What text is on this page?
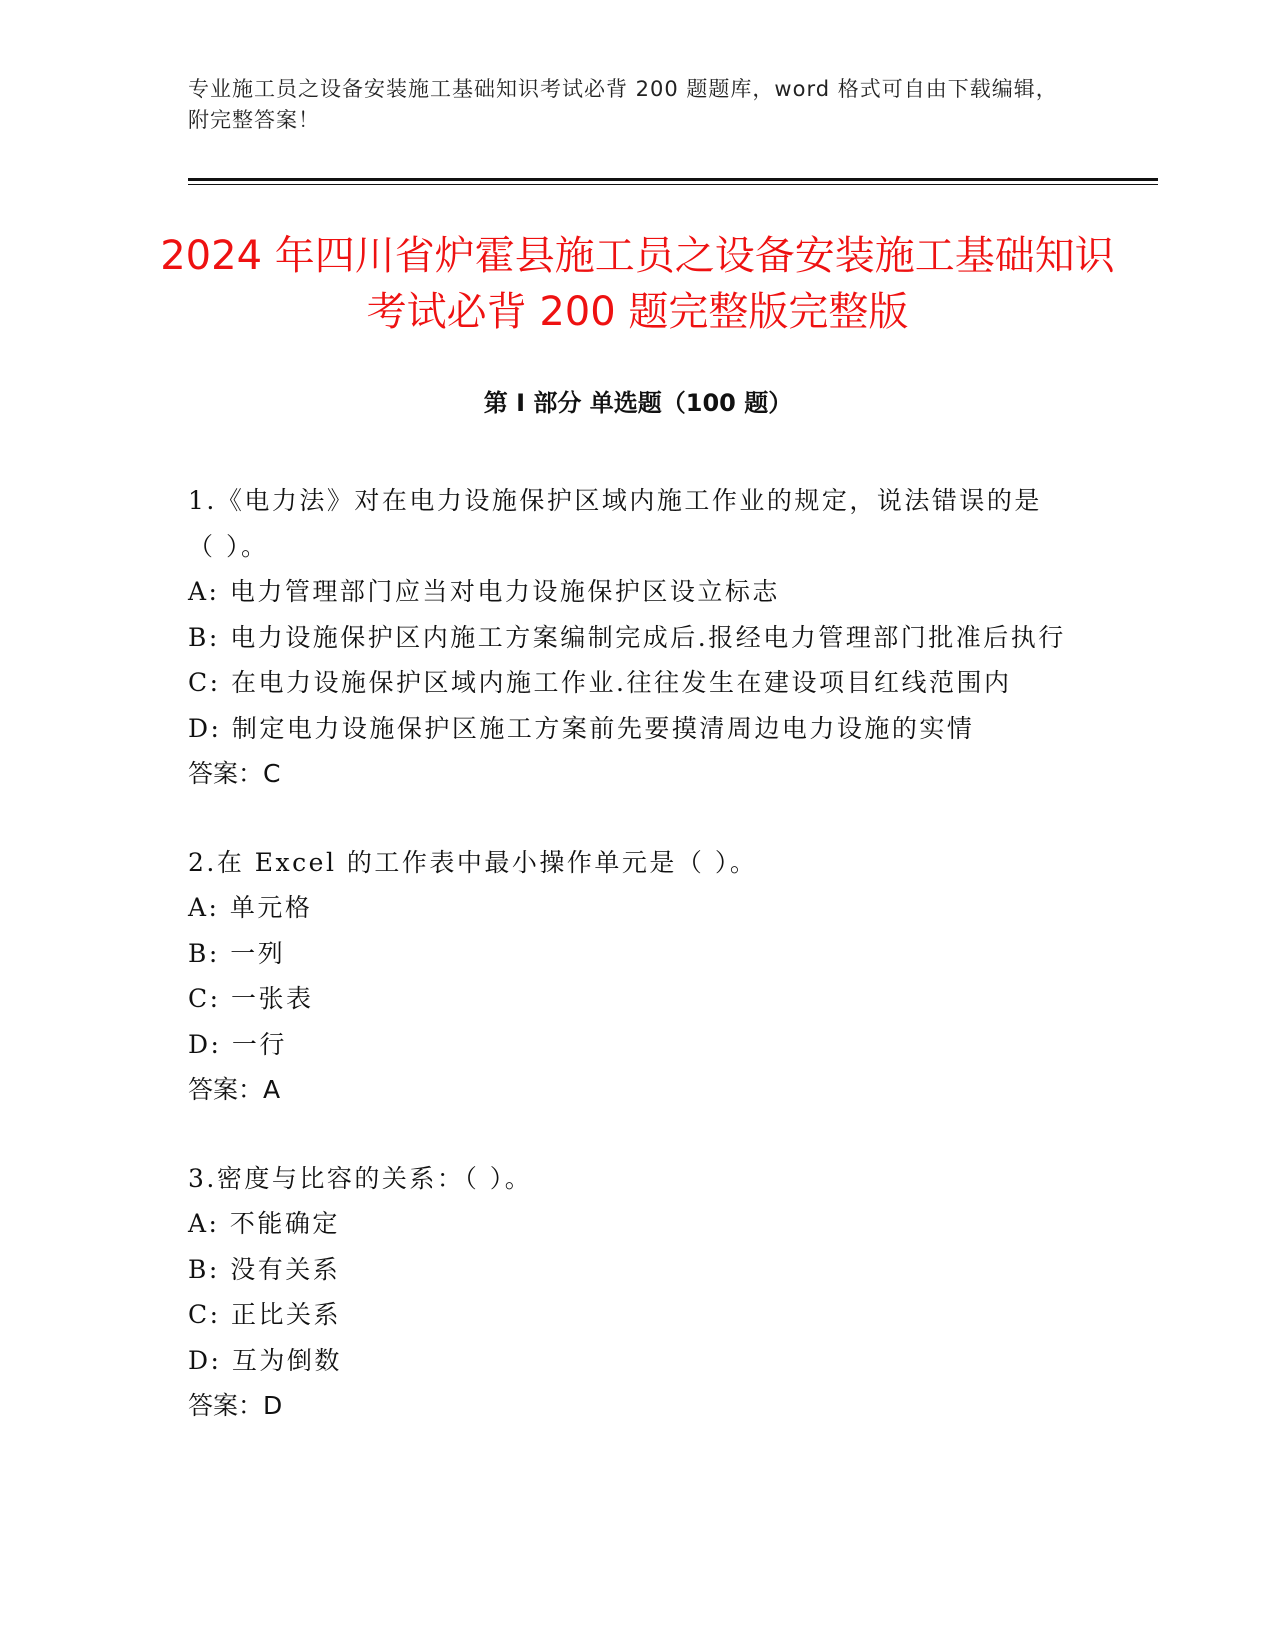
专业施工员之设备安装施工基础知识考试必背 200 题题库，word 格式可自由下载编辑，附完整答案！
2024 年四川省炉霍县施工员之设备安装施工基础知识考试必背 200 题完整版完整版
第 I 部分 单选题（100 题）
1.《电力法》对在电力设施保护区域内施工作业的规定，说法错误的是（ ）。
A: 电力管理部门应当对电力设施保护区设立标志
B: 电力设施保护区内施工方案编制完成后.报经电力管理部门批准后执行
C: 在电力设施保护区域内施工作业.往往发生在建设项目红线范围内
D: 制定电力设施保护区施工方案前先要摸清周边电力设施的实情
答案：C
2.在 Excel 的工作表中最小操作单元是（ ）。
A: 单元格
B: 一列
C: 一张表
D: 一行
答案：A
3.密度与比容的关系：（ ）。
A: 不能确定
B: 没有关系
C: 正比关系
D: 互为倒数
答案：D
